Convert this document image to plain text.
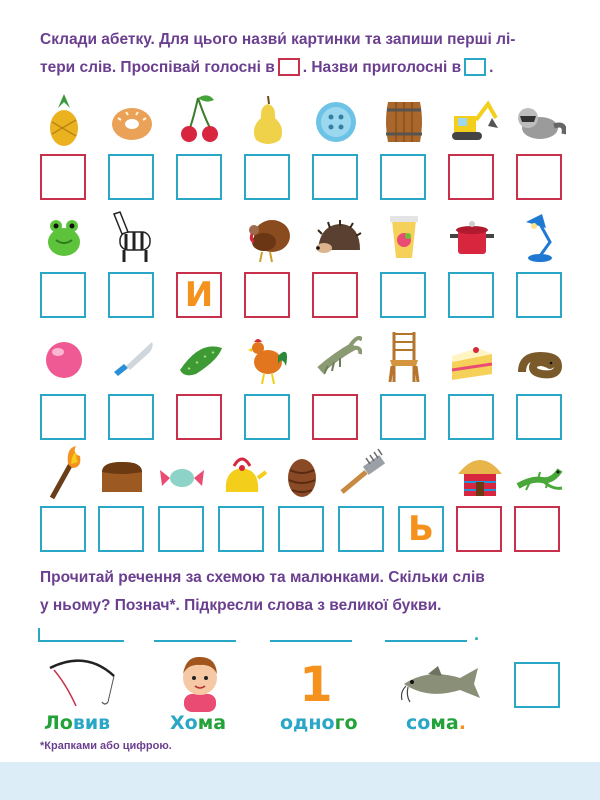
Склади абетку. Для цього назви́ картинки та запиши перші лі-
тери слів. Проспівай голосні в . Назви приголосні в .
И
Ь
Прочитай речення за схемою та малюнками. Скільки слів
у ньому? Познач*. Підкресли слова з великої букви.
.
1
Ловив	Хома	одного	сома.
*Крапками або цифрою.
